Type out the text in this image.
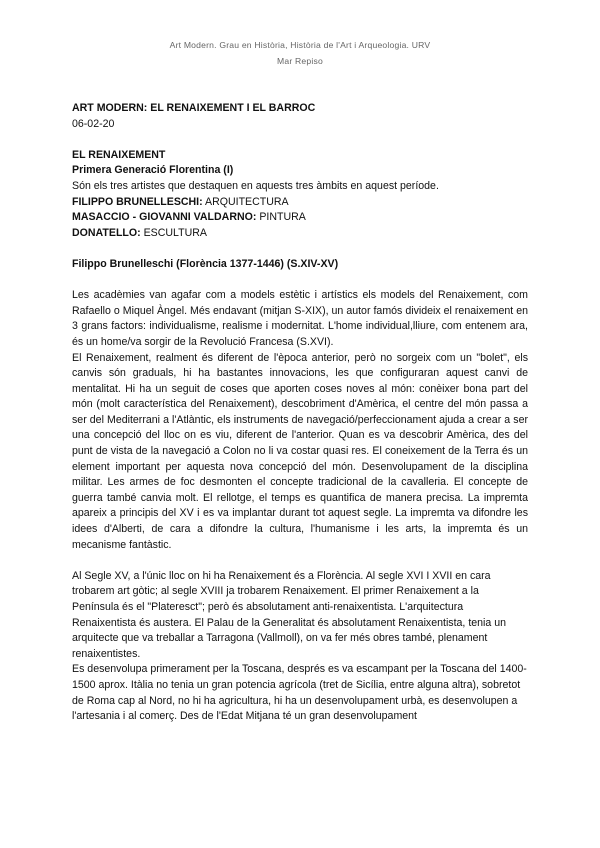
Art Modern. Grau en Història, Història de l'Art i Arqueologia. URV
Mar Repiso
ART MODERN: EL RENAIXEMENT I EL BARROC
06-02-20
EL RENAIXEMENT
Primera Generació Florentina (I)
Són els tres artistes que destaquen en aquests tres àmbits en aquest període.
FILIPPO BRUNELLESCHI: ARQUITECTURA
MASACCIO - GIOVANNI VALDARNO: PINTURA
DONATELLO: ESCULTURA
Filippo Brunelleschi (Florència 1377-1446) (S.XIV-XV)

Les acadèmies van agafar com a models estètic i artístics els models del Renaixement, com Rafaello o Miquel Àngel. Més endavant (mitjan S-XIX), un autor famós divideix el renaixement en 3 grans factors: individualisme, realisme i modernitat. L'home individual,lliure, com entenem ara, és un home/va sorgir de la Revolució Francesa (S.XVI).

El Renaixement, realment és diferent de l'època anterior, però no sorgeix com un "bolet", els canvis són graduals, hi ha bastantes innovacions, les que configuraran aquest canvi de mentalitat. Hi ha un seguit de coses que aporten coses noves al món: conèixer bona part del món (molt característica del Renaixement), descobriment d'Amèrica, el centre del món passa a ser del Mediterrani a l'Atlàntic, els instruments de navegació/perfeccionament ajuda a crear a ser una concepció del lloc on es viu, diferent de l'anterior. Quan es va descobrir Amèrica, des del punt de vista de la navegació a Colon no li va costar quasi res. El coneixement de la Terra és un element important per aquesta nova concepció del món. Desenvolupament de la disciplina militar. Les armes de foc desmonten el concepte tradicional de la cavalleria. El concepte de guerra també canvia molt. El rellotge, el temps es quantifica de manera precisa. La impremta apareix a principis del XV i es va implantar durant tot aquest segle. La impremta va difondre les idees d'Alberti, de cara a difondre la cultura, l'humanisme i les arts, la impremta és un mecanisme fantàstic.

Al Segle XV, a l'únic lloc on hi ha Renaixement és a Florència. Al segle XVI I XVII en cara trobarem art gòtic; al segle XVIII ja trobarem Renaixement. El primer Renaixement a la Península és el "Plateresct"; però és absolutament anti-renaixentista. L'arquitectura Renaixentista és austera. El Palau de la Generalitat és absolutament Renaixentista, tenia un arquitecte que va treballar a Tarragona (Vallmoll), on va fer més obres també, plenament renaixentistes.

Es desenvolupa primerament per la Toscana, després es va escampant per la Toscana del 1400-1500 aprox. Itàlia no tenia un gran potencia agrícola (tret de Sicília, entre alguna altra), sobretot de Roma cap al Nord, no hi ha agricultura, hi ha un desenvolupament urbà, es desenvolupen a l'artesania i al comerç. Des de l'Edat Mitjana té un gran desenvolupament
